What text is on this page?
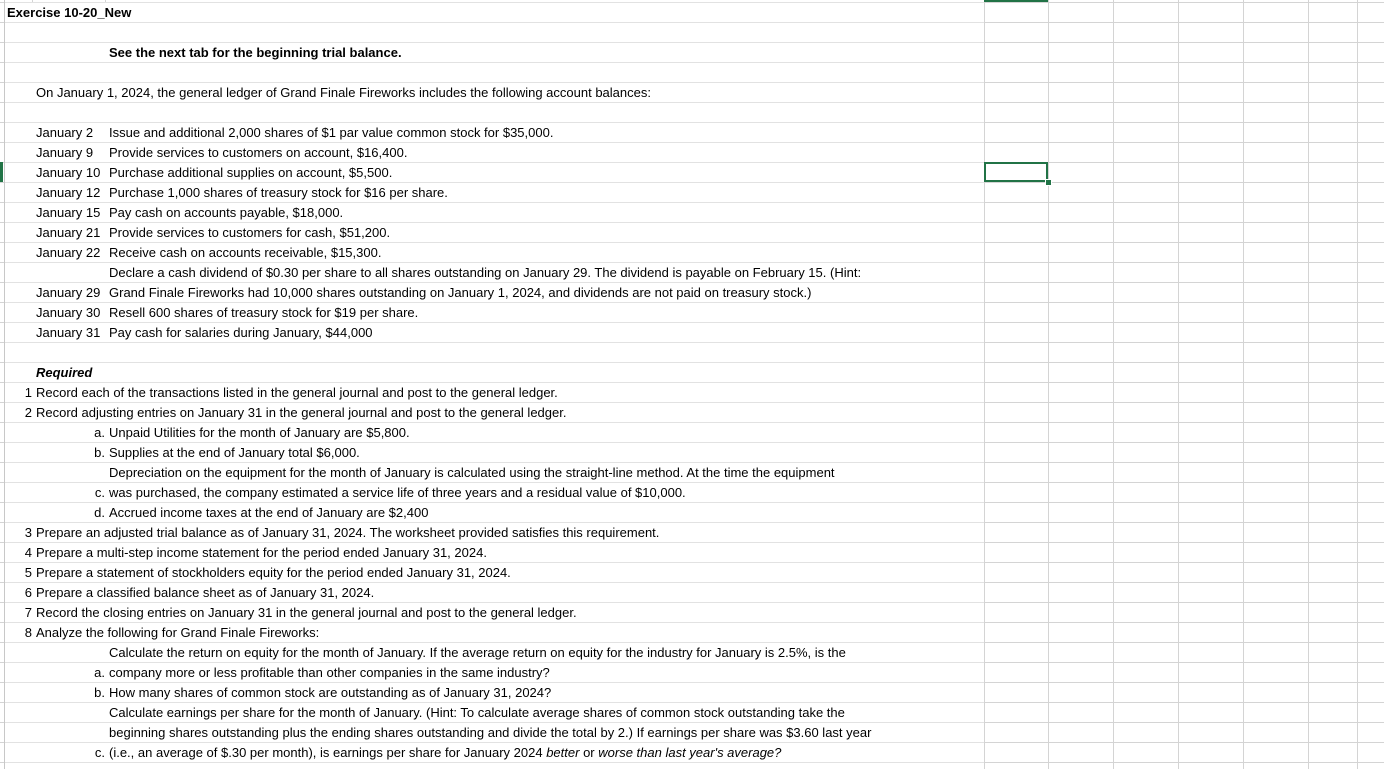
Exercise 10-20_New
See the next tab for the beginning trial balance.
On January 1, 2024, the general ledger of Grand Finale Fireworks includes the following account balances:
January 2 Issue and additional 2,000 shares of $1 par value common stock for $35,000.
January 9 Provide services to customers on account, $16,400.
January 10 Purchase additional supplies on account, $5,500.
January 12 Purchase 1,000 shares of treasury stock for $16 per share.
January 15 Pay cash on accounts payable, $18,000.
January 21 Provide services to customers for cash, $51,200.
January 22 Receive cash on accounts receivable, $15,300.
Declare a cash dividend of $0.30 per share to all shares outstanding on January 29. The dividend is payable on February 15. (Hint:
January 29 Grand Finale Fireworks had 10,000 shares outstanding on January 1, 2024, and dividends are not paid on treasury stock.)
January 30 Resell 600 shares of treasury stock for $19 per share.
January 31 Pay cash for salaries during January, $44,000
Required
1 Record each of the transactions listed in the general journal and post to the general ledger.
2 Record adjusting entries on January 31 in the general journal and post to the general ledger.
a. Unpaid Utilities for the month of January are $5,800.
b. Supplies at the end of January total $6,000.
Depreciation on the equipment for the month of January is calculated using the straight-line method. At the time the equipment
c. was purchased, the company estimated a service life of three years and a residual value of $10,000.
d. Accrued income taxes at the end of January are $2,400
3 Prepare an adjusted trial balance as of January 31, 2024. The worksheet provided satisfies this requirement.
4 Prepare a multi-step income statement for the period ended January 31, 2024.
5 Prepare a statement of stockholders equity for the period ended January 31, 2024.
6 Prepare a classified balance sheet as of January 31, 2024.
7 Record the closing entries on January 31 in the general journal and post to the general ledger.
8 Analyze the following for Grand Finale Fireworks:
Calculate the return on equity for the month of January. If the average return on equity for the industry for January is 2.5%, is the
a. company more or less profitable than other companies in the same industry?
b. How many shares of common stock are outstanding as of January 31, 2024?
Calculate earnings per share for the month of January. (Hint: To calculate average shares of common stock outstanding take the
beginning shares outstanding plus the ending shares outstanding and divide the total by 2.) If earnings per share was $3.60 last year
c. (i.e., an average of $.30 per month), is earnings per share for January 2024 better or worse than last year's average?
